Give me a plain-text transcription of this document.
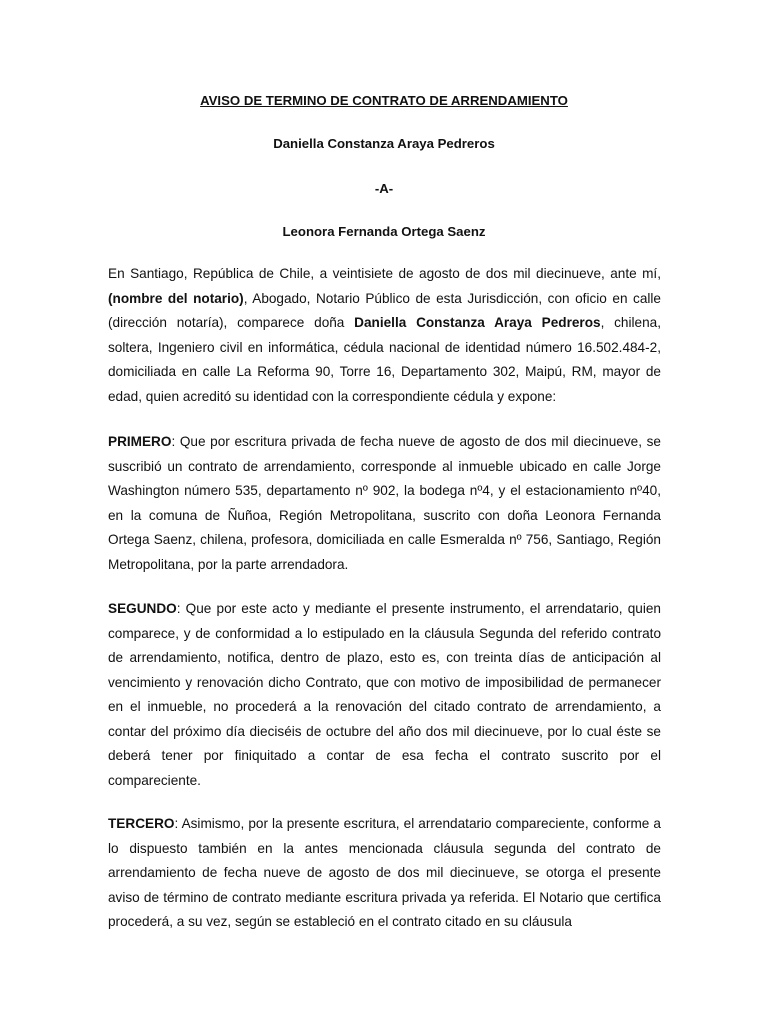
AVISO DE TERMINO DE CONTRATO DE ARRENDAMIENTO
Daniella Constanza Araya Pedreros
-A-
Leonora Fernanda Ortega Saenz

En Santiago, República de Chile, a veintisiete de agosto de dos mil diecinueve, ante mí, (nombre del notario), Abogado, Notario Público de esta Jurisdicción, con oficio en calle (dirección notaría), comparece doña Daniella Constanza Araya Pedreros, chilena, soltera, Ingeniero civil en informática, cédula nacional de identidad número 16.502.484-2, domiciliada en calle La Reforma 90, Torre 16, Departamento 302, Maipú, RM, mayor de edad, quien acreditó su identidad con la correspondiente cédula y expone:

PRIMERO: Que por escritura privada de fecha nueve de agosto de dos mil diecinueve, se suscribió un contrato de arrendamiento, corresponde al inmueble ubicado en calle Jorge Washington número 535, departamento nº 902, la bodega nº4, y el estacionamiento nº40, en la comuna de Ñuñoa, Región Metropolitana, suscrito con doña Leonora Fernanda Ortega Saenz, chilena, profesora, domiciliada en calle Esmeralda nº 756, Santiago, Región Metropolitana, por la parte arrendadora.

SEGUNDO: Que por este acto y mediante el presente instrumento, el arrendatario, quien comparece, y de conformidad a lo estipulado en la cláusula Segunda del referido contrato de arrendamiento, notifica, dentro de plazo, esto es, con treinta días de anticipación al vencimiento y renovación dicho Contrato, que con motivo de imposibilidad de permanecer en el inmueble, no procederá a la renovación del citado contrato de arrendamiento, a contar del próximo día dieciséis de octubre del año dos mil diecinueve, por lo cual éste se deberá tener por finiquitado a contar de esa fecha el contrato suscrito por el compareciente.

TERCERO: Asimismo, por la presente escritura, el arrendatario compareciente, conforme a lo dispuesto también en la antes mencionada cláusula segunda del contrato de arrendamiento de fecha nueve de agosto de dos mil diecinueve, se otorga el presente aviso de término de contrato mediante escritura privada ya referida. El Notario que certifica procederá, a su vez, según se estableció en el contrato citado en su cláusula
